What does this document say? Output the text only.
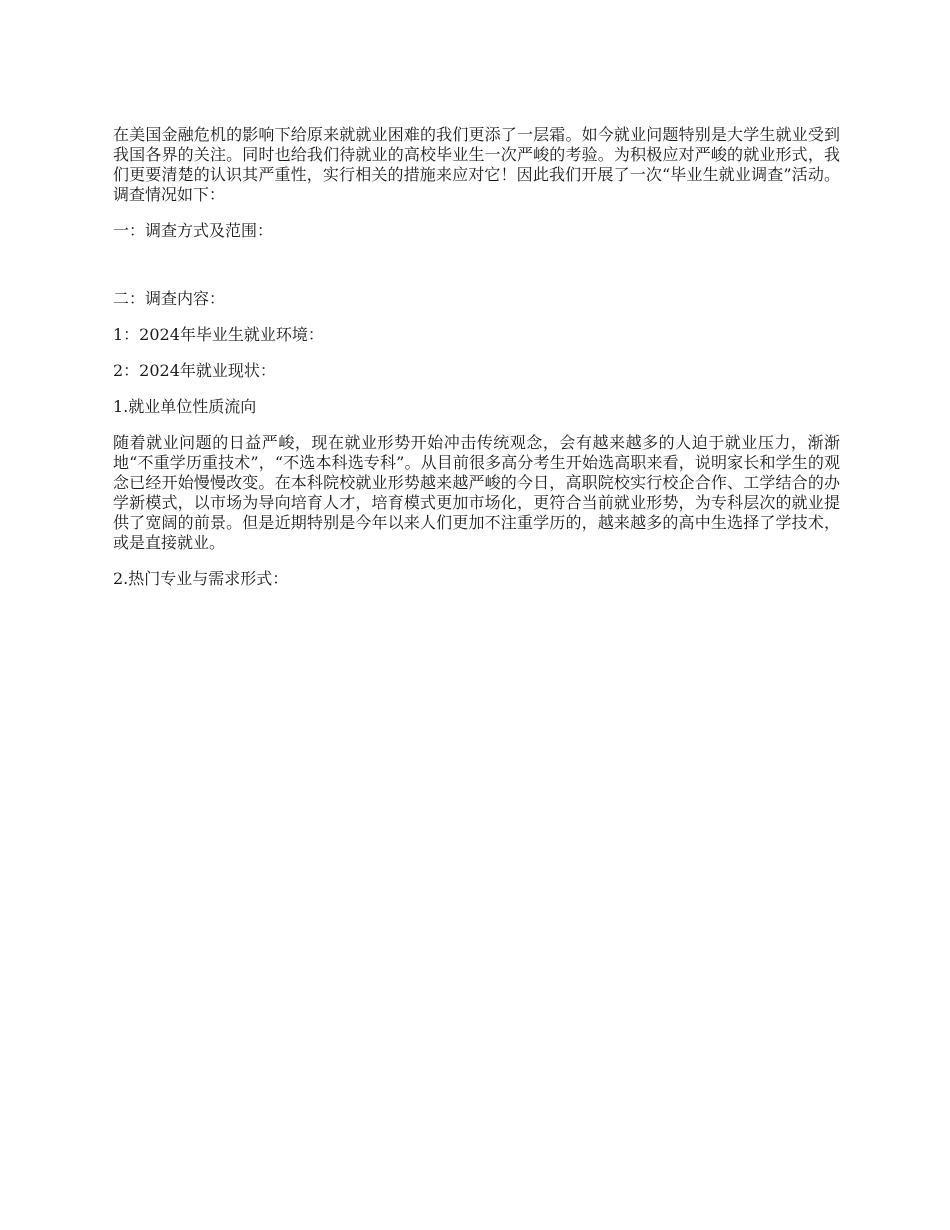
在美国金融危机的影响下给原来就就业困难的我们更添了一层霜。如今就业问题特别是大学生就业受到我国各界的关注。同时也给我们待就业的高校毕业生一次严峻的考验。为积极应对严峻的就业形式，我们更要清楚的认识其严重性，实行相关的措施来应对它！因此我们开展了一次“毕业生就业调查”活动。调查情况如下：

一：调查方式及范围：

二：调查内容：

1：2024年毕业生就业环境：

2：2024年就业现状：

1.就业单位性质流向

随着就业问题的日益严峻，现在就业形势开始冲击传统观念，会有越来越多的人迫于就业压力，渐渐地“不重学历重技术”，“不选本科选专科”。从目前很多高分考生开始选高职来看，说明家长和学生的观念已经开始慢慢改变。在本科院校就业形势越来越严峻的今日，高职院校实行校企合作、工学结合的办学新模式，以市场为导向培育人才，培育模式更加市场化，更符合当前就业形势，为专科层次的就业提供了宽阔的前景。但是近期特别是今年以来人们更加不注重学历的，越来越多的高中生选择了学技术，或是直接就业。

2.热门专业与需求形式：
